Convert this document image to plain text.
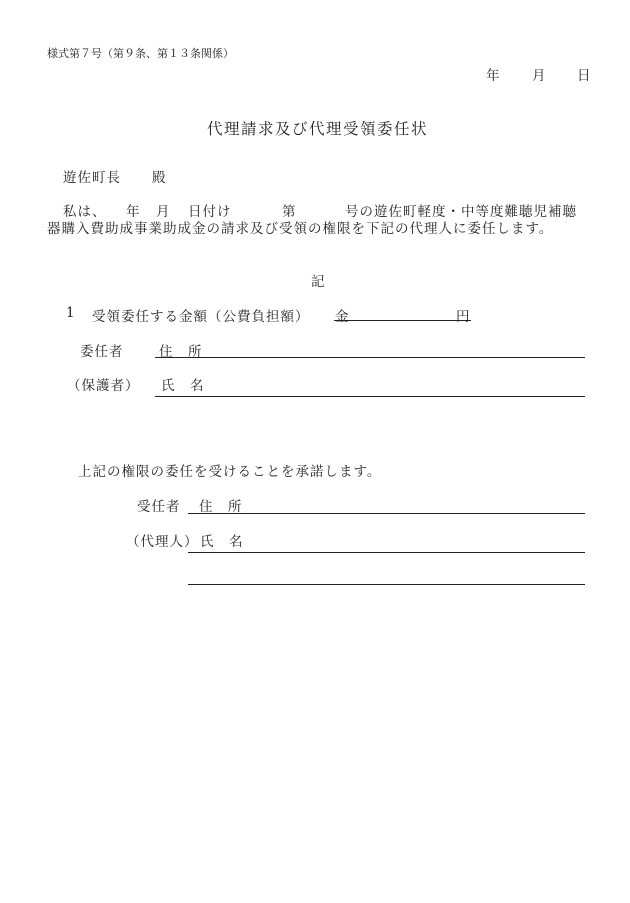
様式第７号（第９条、第１３条関係）
年 月 日
代理請求及び代理受領委任状
遊佐町長 殿
私は、 年 月 日付け	第	号の遊佐町軽度・中等度難聴児補聴
器購入費助成事業助成金の請求及び受領の権限を下記の代理人に委任します。
記
1 受領委任する金額（公費負担額） 金	円
委任者	住　所
（保護者） 氏　名
上記の権限の委任を受けることを承諾します。
受任者 住　所
（代理人） 氏　名
